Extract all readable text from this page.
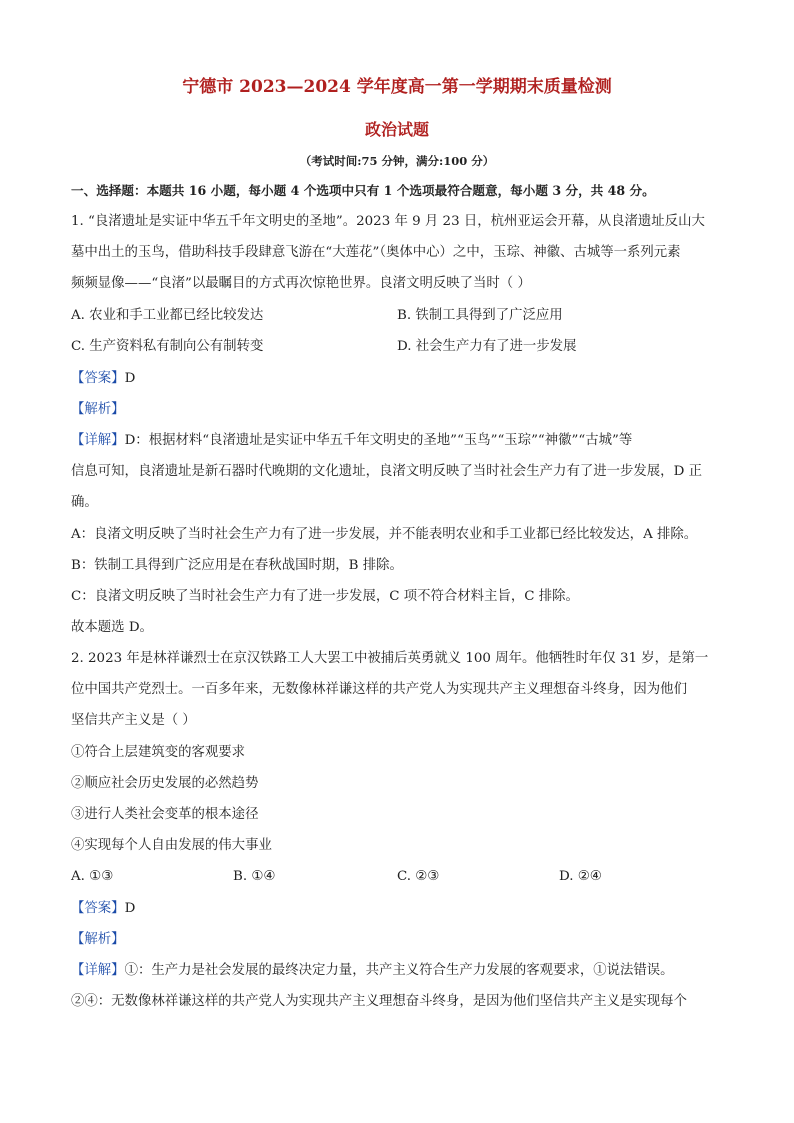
宁德市 2023—2024 学年度高一第一学期期末质量检测
政治试题
（考试时间:75 分钟，满分:100 分）
一、选择题：本题共 16 小题，每小题 4 个选项中只有 1 个选项最符合题意，每小题 3 分，共 48 分。
1. “良渚遗址是实证中华五千年文明史的圣地”。2023 年 9 月 23 日，杭州亚运会开幕，从良渚遗址反山大
墓中出土的玉鸟，借助科技手段肆意飞游在“大莲花”（奥体中心）之中，玉琮、神徽、古城等一系列元素
频频显像——“良渚”以最瞩目的方式再次惊艳世界。良渚文明反映了当时（ ）
A. 农业和手工业都已经比较发达	B. 铁制工具得到了广泛应用
C. 生产资料私有制向公有制转变	D. 社会生产力有了进一步发展
【答案】D
【解析】
【详解】D：根据材料“良渚遗址是实证中华五千年文明史的圣地”“玉鸟”“玉琮”“神徽”“古城”等
信息可知，良渚遗址是新石器时代晚期的文化遗址，良渚文明反映了当时社会生产力有了进一步发展，D 正
确。
A：良渚文明反映了当时社会生产力有了进一步发展，并不能表明农业和手工业都已经比较发达，A 排除。
B：铁制工具得到广泛应用是在春秋战国时期，B 排除。
C：良渚文明反映了当时社会生产力有了进一步发展，C 项不符合材料主旨，C 排除。
故本题选 D。
2. 2023 年是林祥谦烈士在京汉铁路工人大罢工中被捕后英勇就义 100 周年。他牺牲时年仅 31 岁，是第一
位中国共产党烈士。一百多年来，无数像林祥谦这样的共产党人为实现共产主义理想奋斗终身，因为他们
坚信共产主义是（ ）
①符合上层建筑变的客观要求
②顺应社会历史发展的必然趋势
③进行人类社会变革的根本途径
④实现每个人自由发展的伟大事业
A. ①③	B. ①④	C. ②③	D. ②④
【答案】D
【解析】
【详解】①：生产力是社会发展的最终决定力量，共产主义符合生产力发展的客观要求，①说法错误。
②④：无数像林祥谦这样的共产党人为实现共产主义理想奋斗终身，是因为他们坚信共产主义是实现每个
